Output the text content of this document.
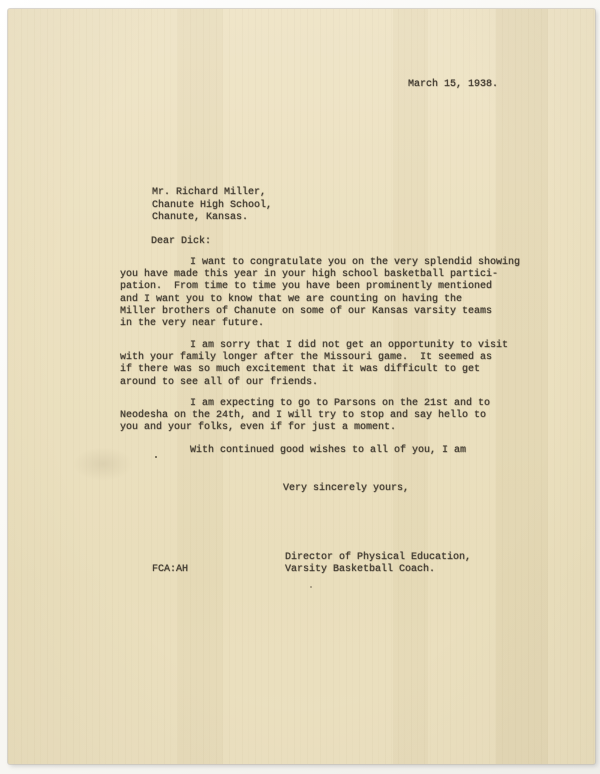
March 15, 1938.
Mr. Richard Miller,
Chanute High School,
Chanute, Kansas.
Dear Dick:
I want to congratulate you on the very splendid showing
you have made this year in your high school basketball partici-
pation.  From time to time you have been prominently mentioned
and I want you to know that we are counting on having the
Miller brothers of Chanute on some of our Kansas varsity teams
in the very near future.
I am sorry that I did not get an opportunity to visit
with your family longer after the Missouri game.  It seemed as
if there was so much excitement that it was difficult to get
around to see all of our friends.
I am expecting to go to Parsons on the 21st and to
Neodesha on the 24th, and I will try to stop and say hello to
you and your folks, even if for just a moment.
With continued good wishes to all of you, I am
Very sincerely yours,
Director of Physical Education,
Varsity Basketball Coach.
FCA:AH
